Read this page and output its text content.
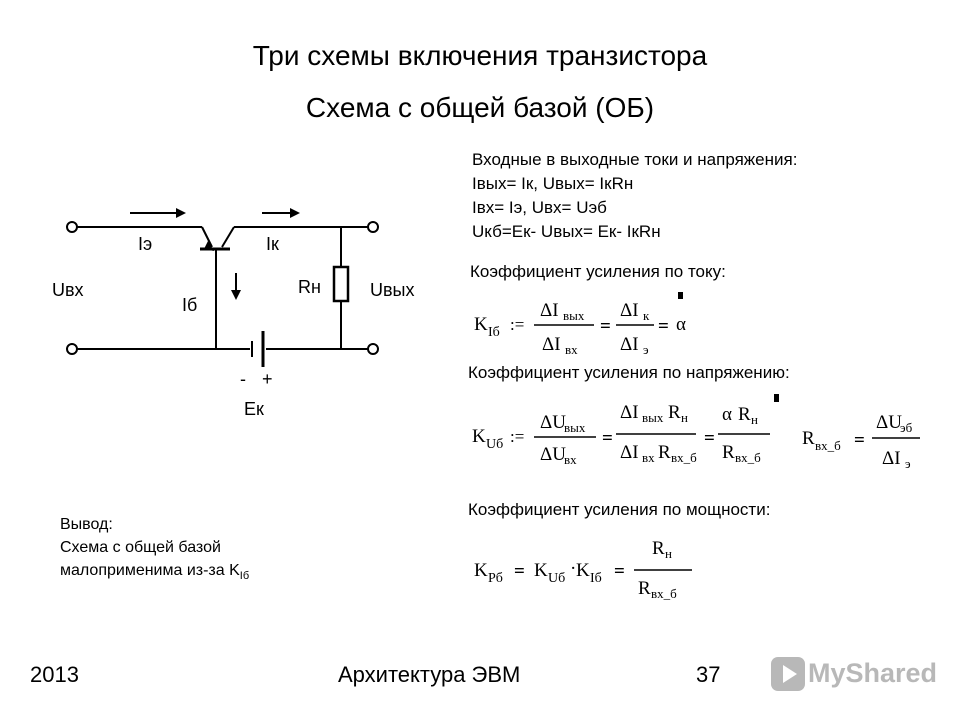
Три схемы включения транзистора
Схема с общей базой (ОБ)
Входные в выходные токи и напряжения:
Iвых= Iк, Uвых= IкRн
Iвх= Iэ, Uвх= Uэб
Uкб=Ек- Uвых= Ек- IкRн
Коэффициент усиления по току:
Коэффициент усиления по напряжению:
Коэффициент усиления по мощности:
Iэ	Iк
Uвх	Uвых
Iб
Rн
- +
Ек
K Iб :=
ΔI вых
ΔI вх
=
ΔI к
ΔI э
= α
K Uб :=
ΔU
вых
ΔU
вх
=
ΔI вых R н
ΔI вх R вх_б
=
α R н
R вх_б
R вх_б =
ΔU
эб
ΔI э
K Pб = K Uб · K Iб =
R н
R вх_б
Вывод:
Схема с общей базой
малоприменима из-за $K_{Iб}$
2013	Архитектура ЭВМ	37	MyShared
